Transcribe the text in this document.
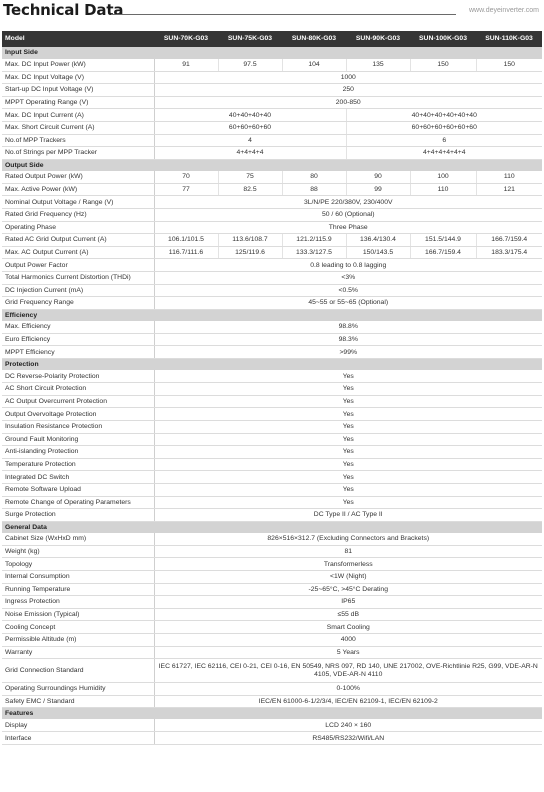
Technical Data	www.deyeinverter.com
Model	SUN-70K-G03	SUN-75K-G03	SUN-80K-G03	SUN-90K-G03	SUN-100K-G03	SUN-110K-G03
Input Side						
Max. DC Input Power (kW)	91	97.5	104	135	150	150
Max. DC Input Voltage (V)	1000					
Start-up DC Input Voltage (V)	250					
MPPT Operating Range (V)	200-850					
Max. DC Input Current (A)	40+40+40+40			40+40+40+40+40+40		
Max. Short Circuit Current (A)	60+60+60+60			60+60+60+60+60+60		
No.of MPP Trackers	4			6		
No.of Strings per MPP Tracker	4+4+4+4			4+4+4+4+4+4		
Output Side						
Rated Output Power (kW)	70	75	80	90	100	110
Max. Active Power (kW)	77	82.5	88	99	110	121
Nominal Output Voltage / Range (V)	3L/N/PE 220/380V, 230/400V					
Rated Grid Frequency (Hz)	50 / 60 (Optional)					
Operating Phase	Three Phase					
Rated AC Grid Output Current (A)	106.1/101.5	113.6/108.7	121.2/115.9	136.4/130.4	151.5/144.9	166.7/159.4
Max. AC Output Current (A)	116.7/111.6	125/119.6	133.3/127.5	150/143.5	166.7/159.4	183.3/175.4
Output Power Factor	0.8 leading to 0.8 lagging					
Total Harmonics Current Distortion (THDi)	<3%					
DC Injection Current (mA)	<0.5%					
Grid Frequency Range	45~55 or 55~65 (Optional)					
Efficiency						
Max. Efficiency	98.8%					
Euro Efficiency	98.3%					
MPPT Efficiency	>99%					
Protection						
DC Reverse-Polarity Protection	Yes					
AC Short Circuit Protection	Yes					
AC Output Overcurrent Protection	Yes					
Output Overvoltage Protection	Yes					
Insulation Resistance Protection	Yes					
Ground Fault Monitoring	Yes					
Anti-islanding Protection	Yes					
Temperature Protection	Yes					
Integrated DC Switch	Yes					
Remote Software Upload	Yes					
Remote Change of Operating Parameters	Yes					
Surge Protection	DC Type II / AC Type II					
General Data						
Cabinet Size (WxHxD mm)	826×516×312.7 (Excluding Connectors and Brackets)					
Weight (kg)	81					
Topology	Transformerless					
Internal Consumption	<1W (Night)					
Running Temperature	-25~65°C, >45°C Derating					
Ingress Protection	IP65					
Noise Emission (Typical)	≤55 dB					
Cooling Concept	Smart Cooling					
Permissible Altitude (m)	4000					
Warranty	5 Years					
Grid Connection Standard	IEC 61727, IEC 62116, CEI 0-21, CEI 0-16, EN 50549, NRS 097, RD 140, UNE 217002, OVE-Richtlinie R25, G99, VDE-AR-N 4105, VDE-AR-N 4110					
Operating Surroundings Humidity	0-100%					
Safety EMC / Standard	IEC/EN 61000-6-1/2/3/4, IEC/EN 62109-1, IEC/EN 62109-2					
Features						
Display	LCD 240 × 160					
Interface	RS485/RS232/Wifi/LAN					
